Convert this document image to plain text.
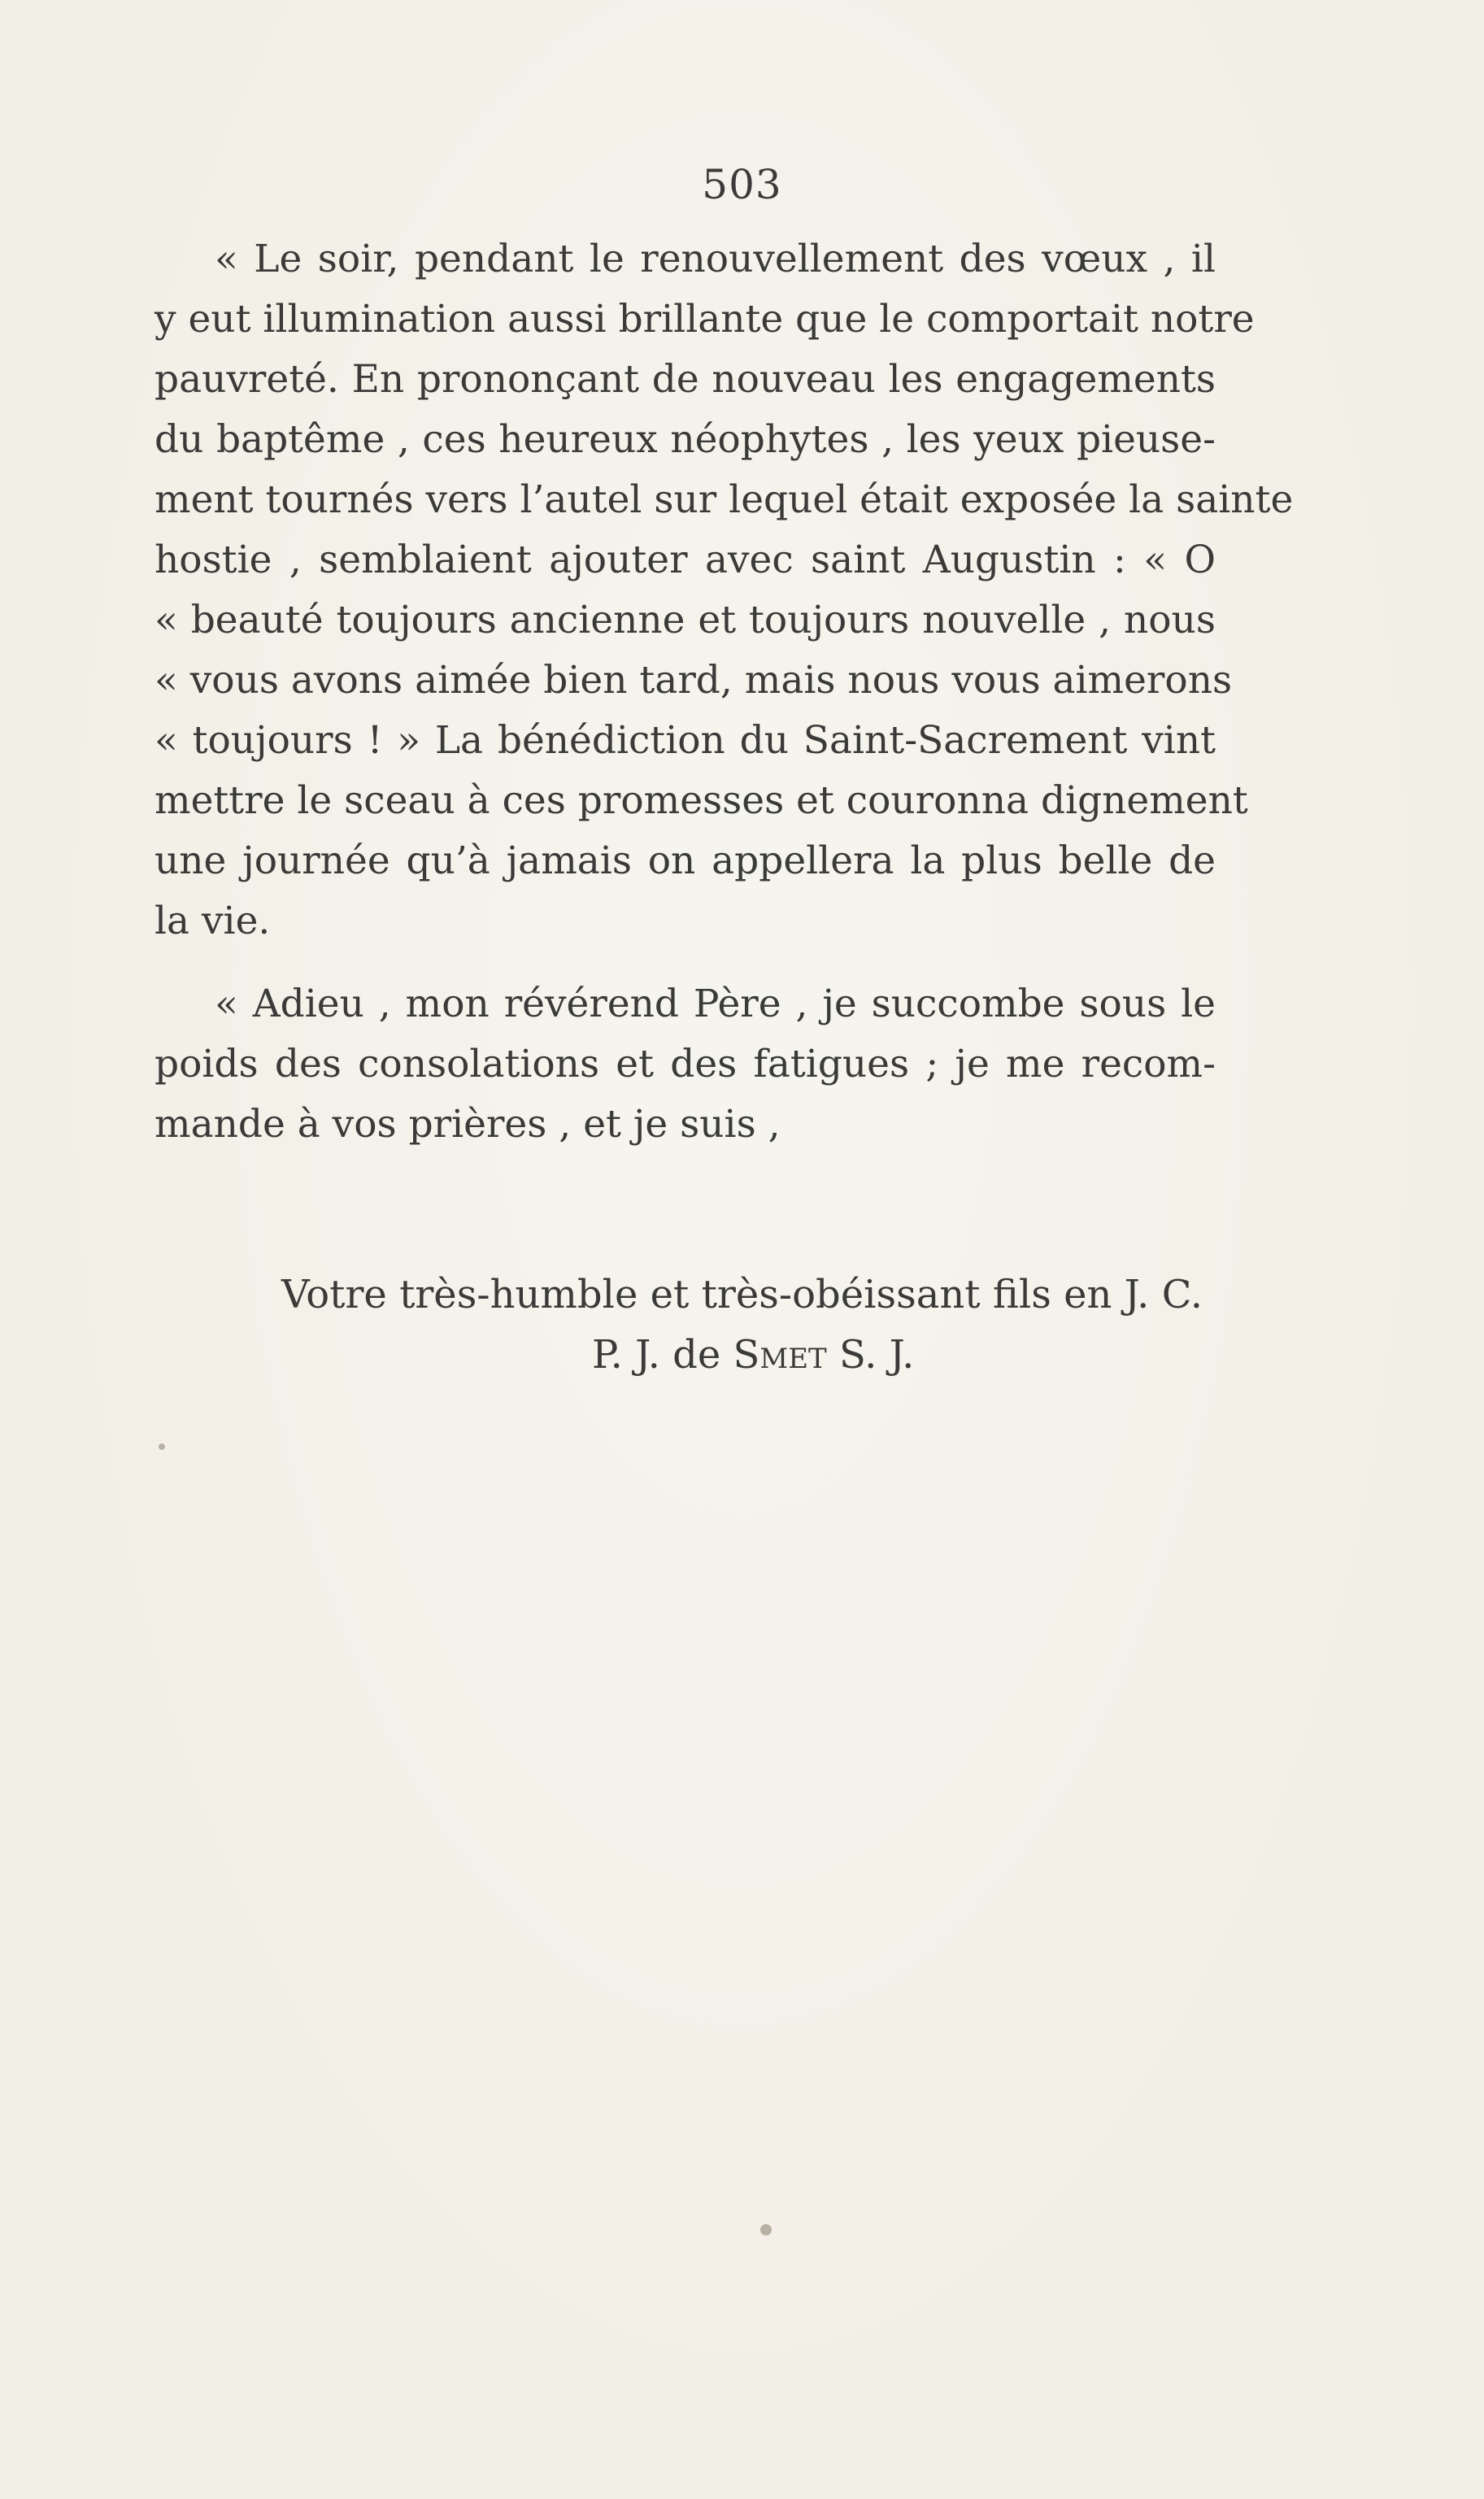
503
« Le soir, pendant le renouvellement des vœux , il
y eut illumination aussi brillante que le comportait notre
pauvreté. En prononçant de nouveau les engagements
du baptême , ces heureux néophytes , les yeux pieuse-
ment tournés vers l’autel sur lequel était exposée la sainte
hostie , semblaient ajouter avec saint Augustin : « O
« beauté toujours ancienne et toujours nouvelle , nous
« vous avons aimée bien tard, mais nous vous aimerons
« toujours ! » La bénédiction du Saint-Sacrement vint
mettre le sceau à ces promesses et couronna dignement
une journée qu’à jamais on appellera la plus belle de
la vie.
« Adieu , mon révérend Père , je succombe sous le
poids des consolations et des fatigues ; je me recom-
mande à vos prières , et je suis ,
Votre très-humble et très-obéissant fils en J. C.
P. J. de Smet S. J.
